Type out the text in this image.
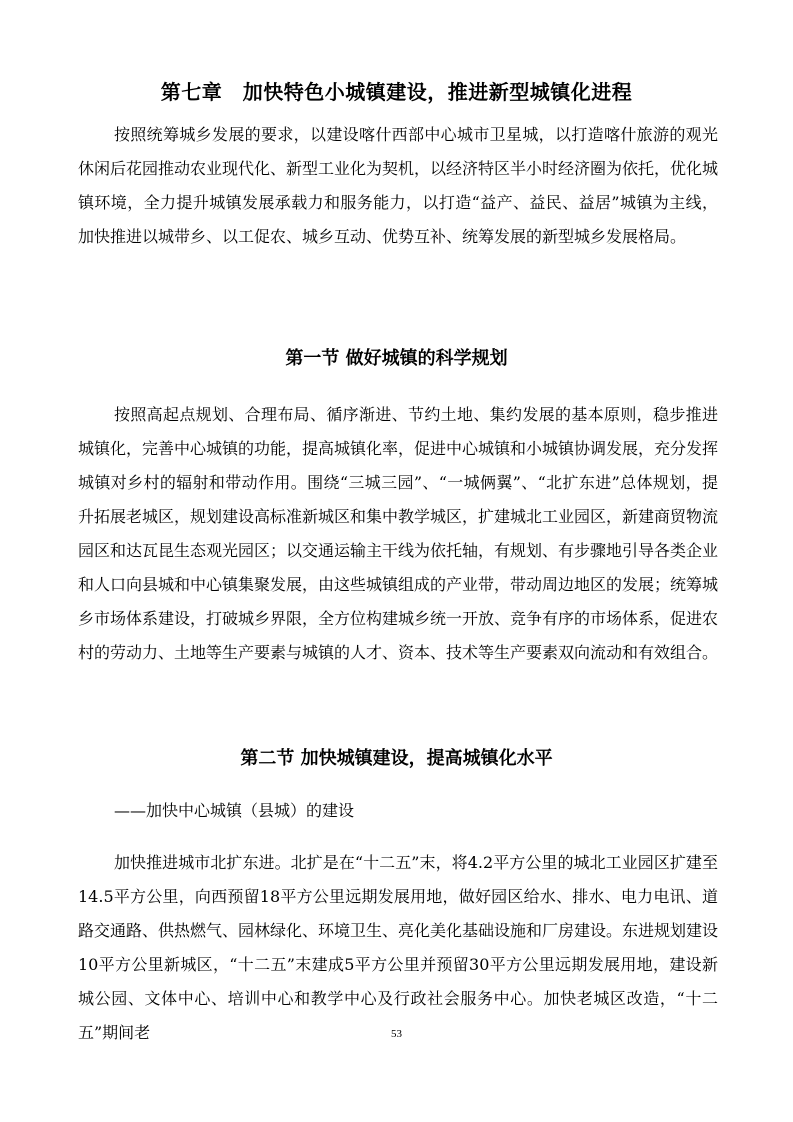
第七章　加快特色小城镇建设，推进新型城镇化进程

按照统筹城乡发展的要求，以建设喀什西部中心城市卫星城，以打造喀什旅游的观光休闲后花园推动农业现代化、新型工业化为契机，以经济特区半小时经济圈为依托，优化城镇环境，全力提升城镇发展承载力和服务能力，以打造“益产、益民、益居”城镇为主线，加快推进以城带乡、以工促农、城乡互动、优势互补、统筹发展的新型城乡发展格局。

第一节 做好城镇的科学规划

按照高起点规划、合理布局、循序渐进、节约土地、集约发展的基本原则，稳步推进城镇化，完善中心城镇的功能，提高城镇化率，促进中心城镇和小城镇协调发展，充分发挥城镇对乡村的辐射和带动作用。围绕“三城三园”、“一城俩翼”、“北扩东进”总体规划，提升拓展老城区，规划建设高标准新城区和集中教学城区，扩建城北工业园区，新建商贸物流园区和达瓦昆生态观光园区；以交通运输主干线为依托轴，有规划、有步骤地引导各类企业和人口向县城和中心镇集聚发展，由这些城镇组成的产业带，带动周边地区的发展；统筹城乡市场体系建设，打破城乡界限，全方位构建城乡统一开放、竞争有序的市场体系，促进农村的劳动力、土地等生产要素与城镇的人才、资本、技术等生产要素双向流动和有效组合。

第二节 加快城镇建设，提高城镇化水平

——加快中心城镇（县城）的建设

加快推进城市北扩东进。北扩是在“十二五”末，将4.2平方公里的城北工业园区扩建至14.5平方公里，向西预留18平方公里远期发展用地，做好园区给水、排水、电力电讯、道路交通路、供热燃气、园林绿化、环境卫生、亮化美化基础设施和厂房建设。东进规划建设10平方公里新城区，“十二五”末建成5平方公里并预留30平方公里远期发展用地，建设新城公园、文体中心、培训中心和教学中心及行政社会服务中心。加快老城区改造，“十二五”期间老	53
